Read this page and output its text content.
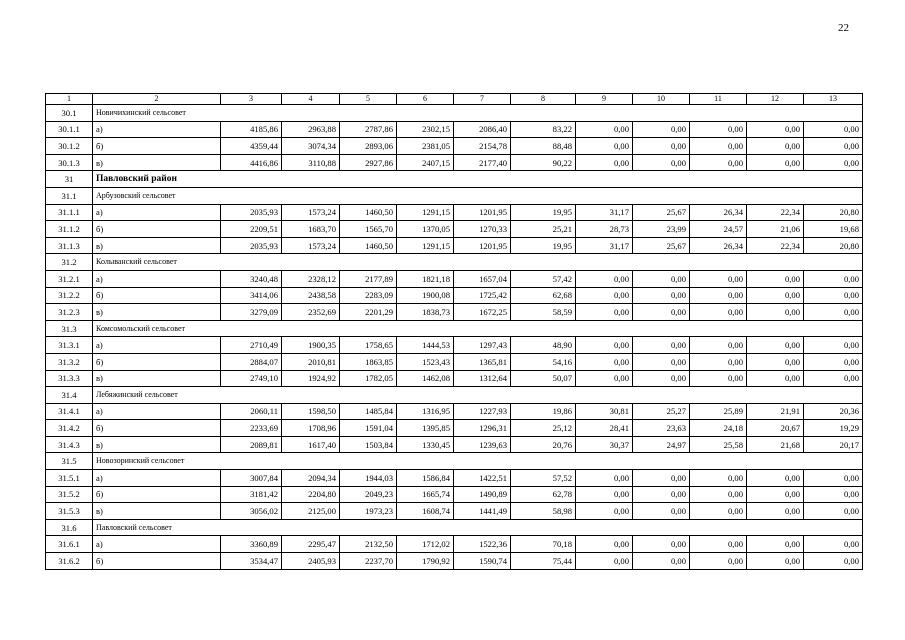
22
1	2	3	4	5	6	7	8	9	10	11	12	13
30.1	Новичихинский сельсовет											
30.1.1	а)	4185,86	2963,88	2787,86	2302,15	2086,40	83,22	0,00	0,00	0,00	0,00	0,00
30.1.2	б)	4359,44	3074,34	2893,06	2381,05	2154,78	88,48	0,00	0,00	0,00	0,00	0,00
30.1.3	в)	4416,86	3110,88	2927,86	2407,15	2177,40	90,22	0,00	0,00	0,00	0,00	0,00
31	Павловский район											
31.1	Арбузовский сельсовет											
31.1.1	а)	2035,93	1573,24	1460,50	1291,15	1201,95	19,95	31,17	25,67	26,34	22,34	20,80
31.1.2	б)	2209,51	1683,70	1565,70	1370,05	1270,33	25,21	28,73	23,99	24,57	21,06	19,68
31.1.3	в)	2035,93	1573,24	1460,50	1291,15	1201,95	19,95	31,17	25,67	26,34	22,34	20,80
31.2	Колыванский сельсовет											
31.2.1	а)	3240,48	2328,12	2177,89	1821,18	1657,04	57,42	0,00	0,00	0,00	0,00	0,00
31.2.2	б)	3414,06	2438,58	2283,09	1900,08	1725,42	62,68	0,00	0,00	0,00	0,00	0,00
31.2.3	в)	3279,09	2352,69	2201,29	1838,73	1672,25	58,59	0,00	0,00	0,00	0,00	0,00
31.3	Комсомольский сельсовет											
31.3.1	а)	2710,49	1900,35	1758,65	1444,53	1297,43	48,90	0,00	0,00	0,00	0,00	0,00
31.3.2	б)	2884,07	2010,81	1863,85	1523,43	1365,81	54,16	0,00	0,00	0,00	0,00	0,00
31.3.3	в)	2749,10	1924,92	1782,05	1462,08	1312,64	50,07	0,00	0,00	0,00	0,00	0,00
31.4	Лебяжинский сельсовет											
31.4.1	а)	2060,11	1598,50	1485,84	1316,95	1227,93	19,86	30,81	25,27	25,89	21,91	20,36
31.4.2	б)	2233,69	1708,96	1591,04	1395,85	1296,31	25,12	28,41	23,63	24,18	20,67	19,29
31.4.3	в)	2089,81	1617,40	1503,84	1330,45	1239,63	20,76	30,37	24,97	25,58	21,68	20,17
31.5	Новозоринский сельсовет											
31.5.1	а)	3007,84	2094,34	1944,03	1586,84	1422,51	57,52	0,00	0,00	0,00	0,00	0,00
31.5.2	б)	3181,42	2204,80	2049,23	1665,74	1490,89	62,78	0,00	0,00	0,00	0,00	0,00
31.5.3	в)	3056,02	2125,00	1973,23	1608,74	1441,49	58,98	0,00	0,00	0,00	0,00	0,00
31.6	Павловский сельсовет											
31.6.1	а)	3360,89	2295,47	2132,50	1712,02	1522,36	70,18	0,00	0,00	0,00	0,00	0,00
31.6.2	б)	3534,47	2405,93	2237,70	1790,92	1590,74	75,44	0,00	0,00	0,00	0,00	0,00
